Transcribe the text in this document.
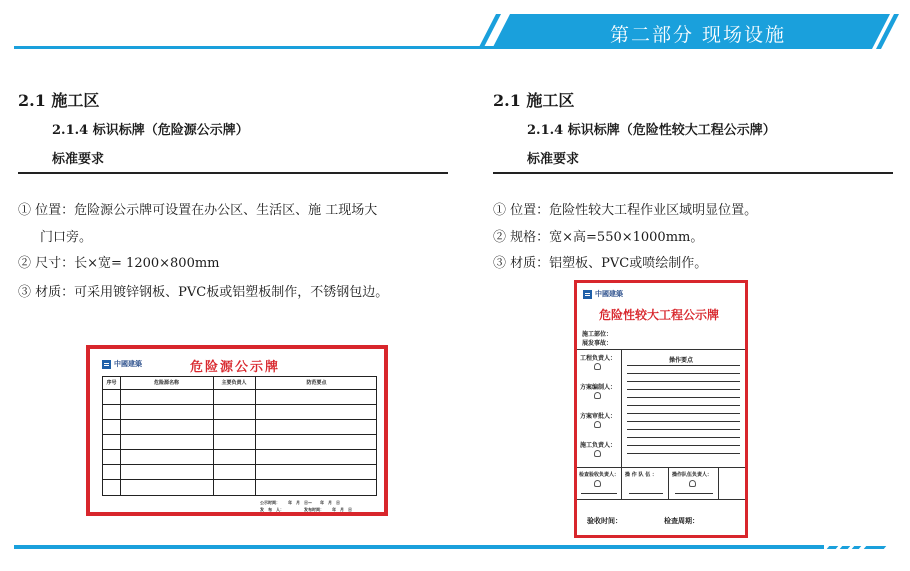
第二部分 现场设施
2.1 施工区
2.1.4 标识标牌（危险源公示牌）
标准要求
① 位置：危险源公示牌可设置在办公区、生活区、施 工现场大
门口旁。
② 尺寸：长×宽= 1200×800mm
③ 材质：可采用镀锌钢板、PVC板或铝塑板制作，不锈钢包边。
2.1 施工区
2.1.4 标识标牌（危险性较大工程公示牌）
标准要求
① 位置：危险性较大工程作业区域明显位置。
② 规格：宽×高=550×1000mm。
③ 材质：铝塑板、PVC或喷绘制作。
中國建築	危险源公示牌
序号	危险源名称	主要负责人	防范要点
公示时间：　　年　月　日—　　年　月　日
发　布　人：　　　　　发布时间：　　年　月　日
中國建築
危险性较大工程公示牌
施工部位：
展发事故：
工程负责人：
方案编制人：
方案审批人：
施工负责人：
操作要点
检查验收负责人： 操 作 队 伍 ：	操作队伍负责人：
验收时间：	检查周期：
